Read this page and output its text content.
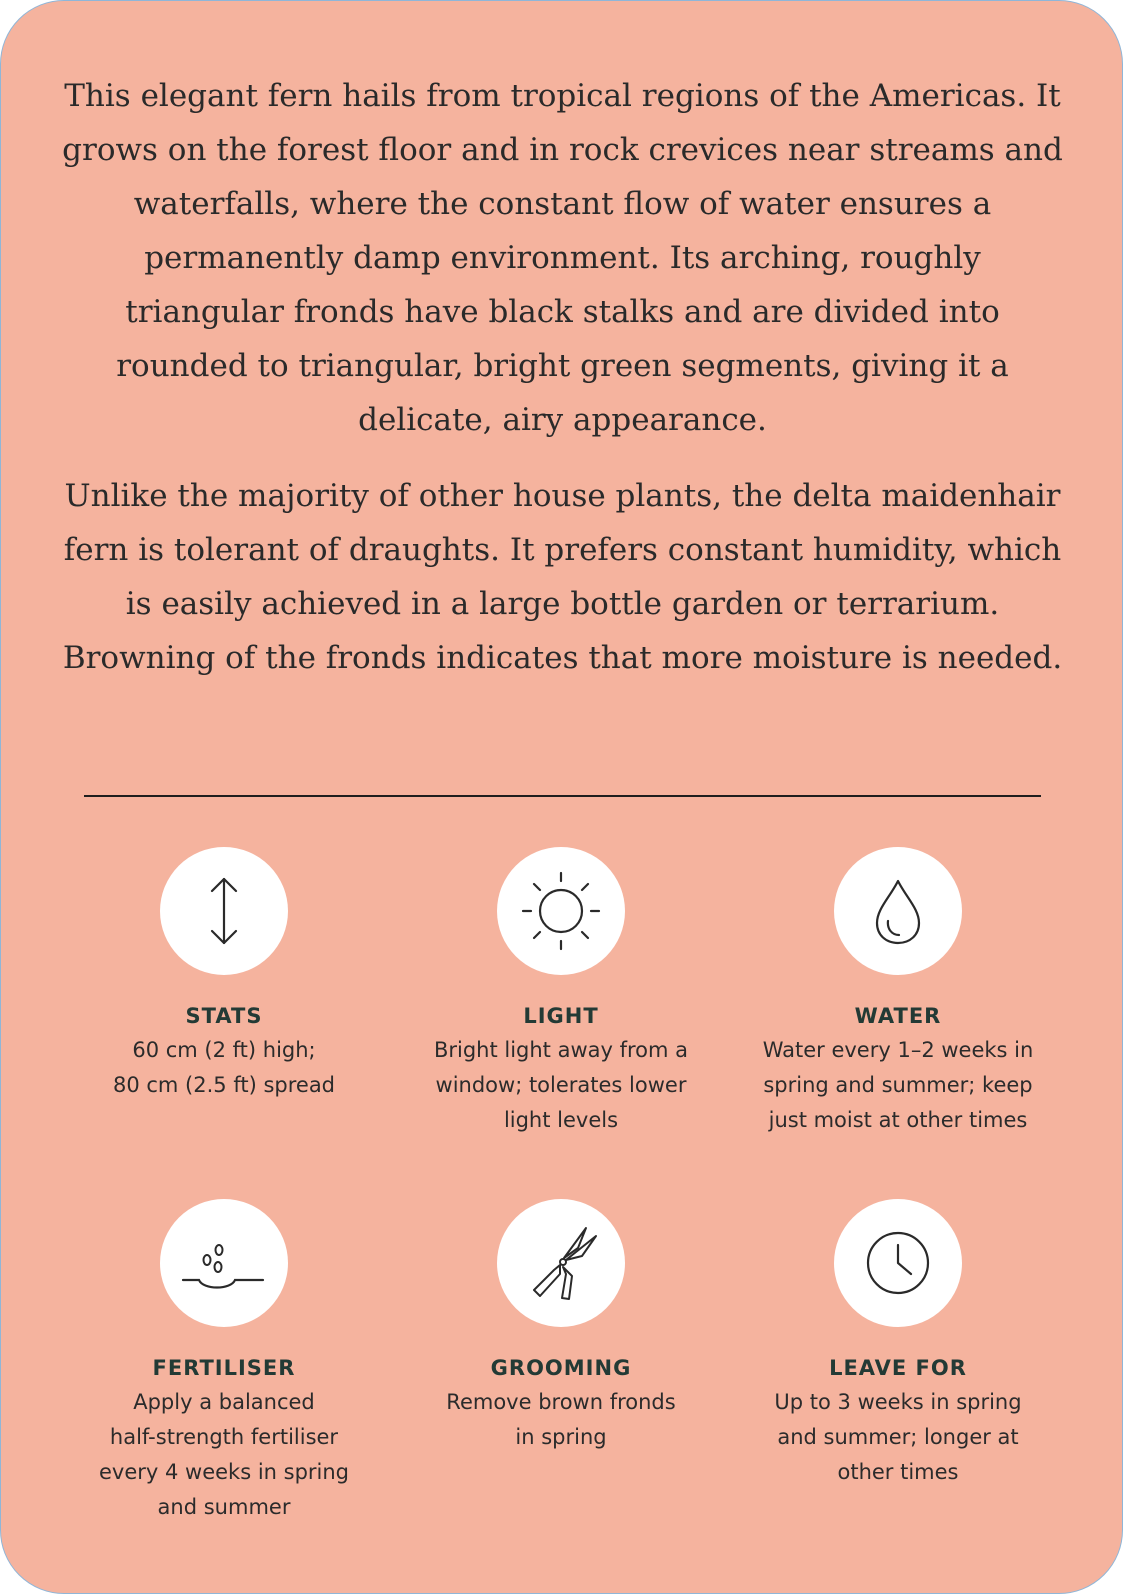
This elegant fern hails from tropical regions of the Americas. It grows on the forest floor and in rock crevices near streams and waterfalls, where the constant flow of water ensures a permanently damp environment. Its arching, roughly triangular fronds have black stalks and are divided into rounded to triangular, bright green segments, giving it a delicate, airy appearance.

Unlike the majority of other house plants, the delta maidenhair fern is tolerant of draughts. It prefers constant humidity, which is easily achieved in a large bottle garden or terrarium. Browning of the fronds indicates that more moisture is needed.

STATS
60 cm (2 ft) high;
80 cm (2.5 ft) spread
LIGHT
Bright light away from a
window; tolerates lower
light levels
WATER
Water every 1–2 weeks in
spring and summer; keep
just moist at other times
FERTILISER
Apply a balanced
half-strength fertiliser
every 4 weeks in spring
and summer
GROOMING
Remove brown fronds
in spring
LEAVE FOR
Up to 3 weeks in spring
and summer; longer at
other times
